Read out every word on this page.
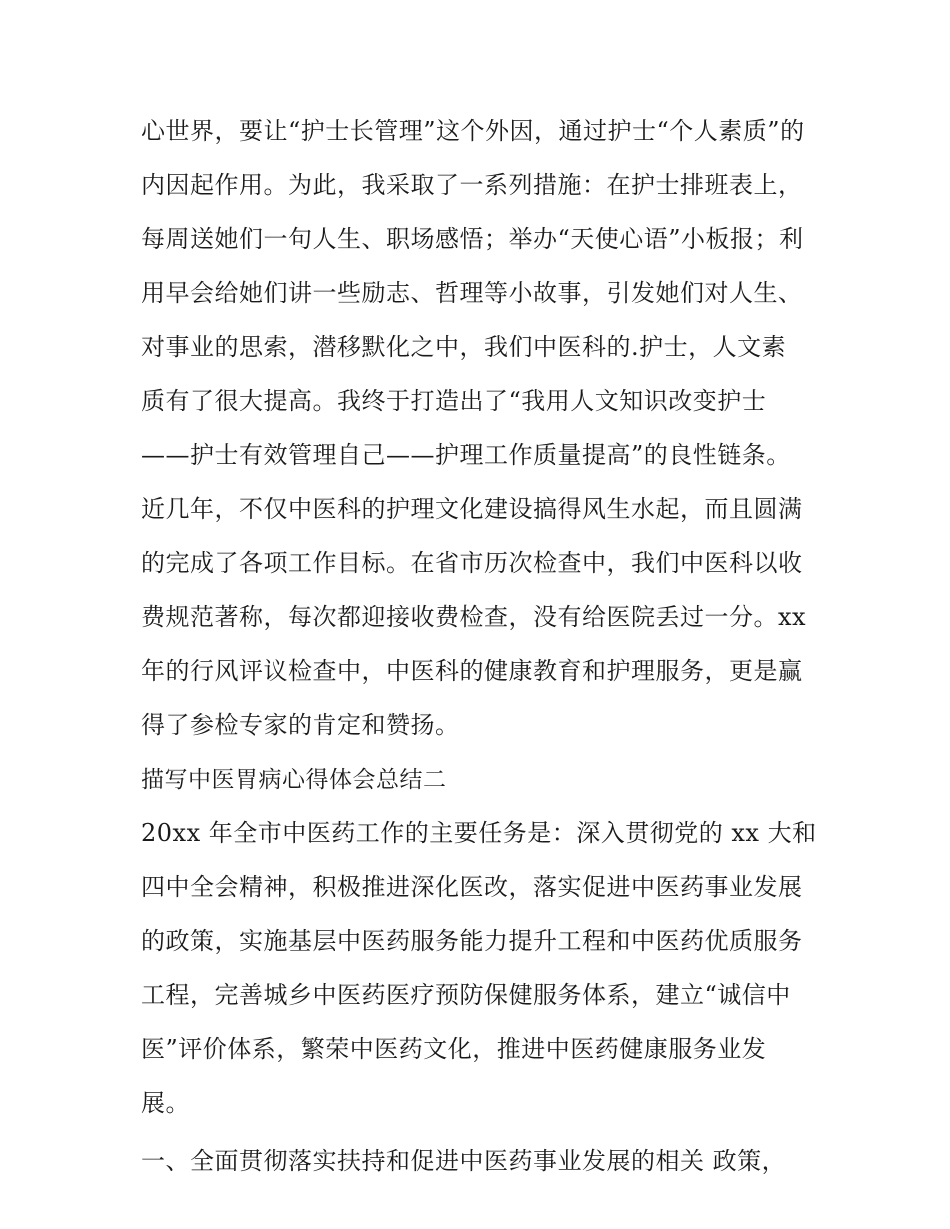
心世界，要让“护士长管理”这个外因，通过护士“个人素质”的
内因起作用。为此，我采取了一系列措施：在护士排班表上，
每周送她们一句人生、职场感悟；举办“天使心语”小板报；利
用早会给她们讲一些励志、哲理等小故事，引发她们对人生、
对事业的思索，潜移默化之中，我们中医科的.护士，人文素
质有了很大提高。我终于打造出了“我用人文知识改变护士
——护士有效管理自己——护理工作质量提高”的良性链条。
近几年，不仅中医科的护理文化建设搞得风生水起，而且圆满
的完成了各项工作目标。在省市历次检查中，我们中医科以收
费规范著称，每次都迎接收费检查，没有给医院丢过一分。xx
年的行风评议检查中，中医科的健康教育和护理服务，更是赢
得了参检专家的肯定和赞扬。
描写中医胃病心得体会总结二
20xx 年全市中医药工作的主要任务是：深入贯彻党的 xx 大和
四中全会精神，积极推进深化医改，落实促进中医药事业发展
的政策，实施基层中医药服务能力提升工程和中医药优质服务
工程，完善城乡中医药医疗预防保健服务体系，建立“诚信中
医”评价体系，繁荣中医药文化，推进中医药健康服务业发
展。
一、全面贯彻落实扶持和促进中医药事业发展的相关 政策，
